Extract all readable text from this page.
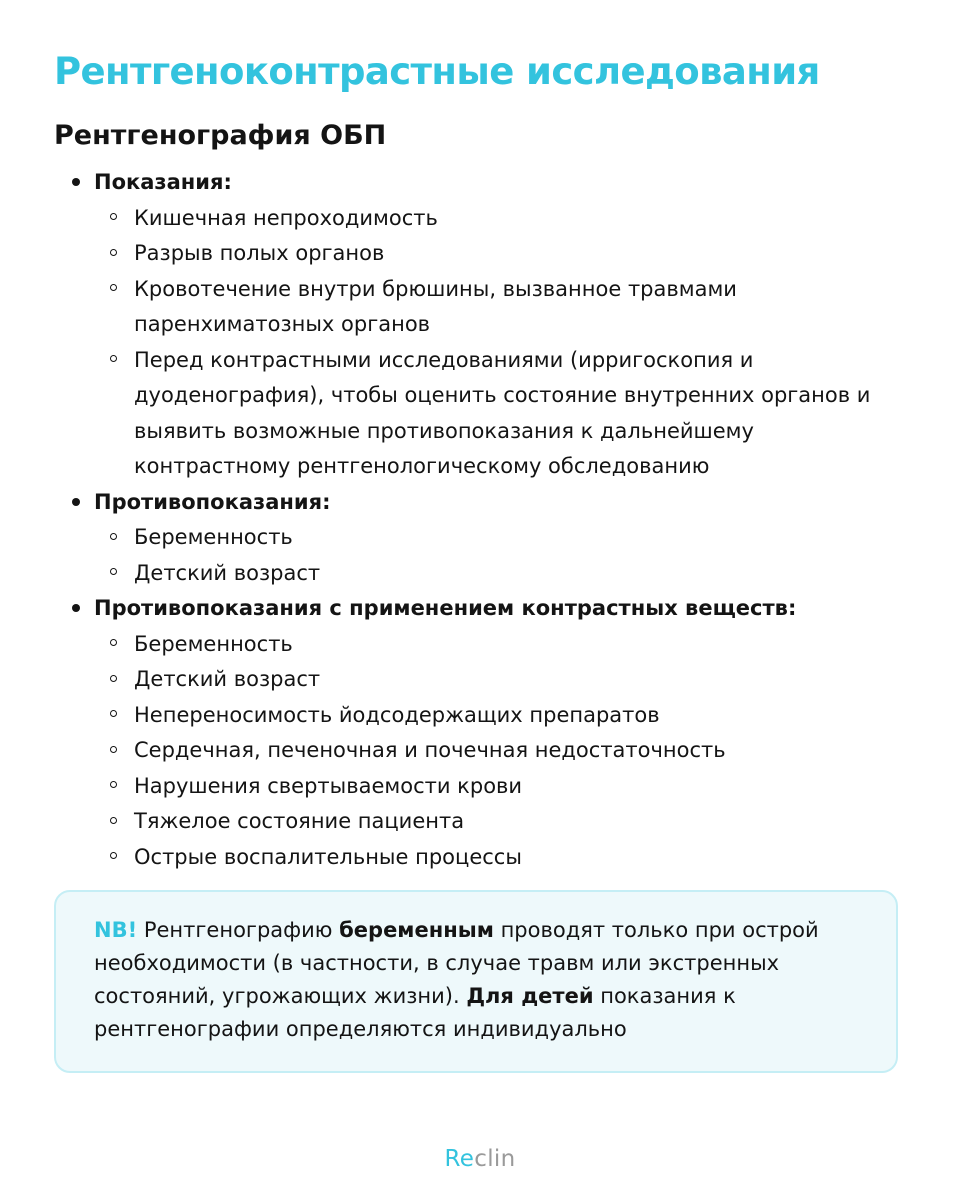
Рентгеноконтрастные исследования
Рентгенография ОБП
Показания:
Кишечная непроходимость
Разрыв полых органов
Кровотечение внутри брюшины, вызванное травмами паренхиматозных органов
Перед контрастными исследованиями (ирригоскопия и дуоденография), чтобы оценить состояние внутренних органов и выявить возможные противопоказания к дальнейшему контрастному рентгенологическому обследованию
Противопоказания:
Беременность
Детский возраст
Противопоказания с применением контрастных веществ:
Беременность
Детский возраст
Непереносимость йодсодержащих препаратов
Сердечная, печеночная и почечная недостаточность
Нарушения свертываемости крови
Тяжелое состояние пациента
Острые воспалительные процессы

NB! Рентгенографию беременным проводят только при острой необходимости (в частности, в случае травм или экстренных состояний, угрожающих жизни). Для детей показания к рентгенографии определяются индивидуально

Reclin
